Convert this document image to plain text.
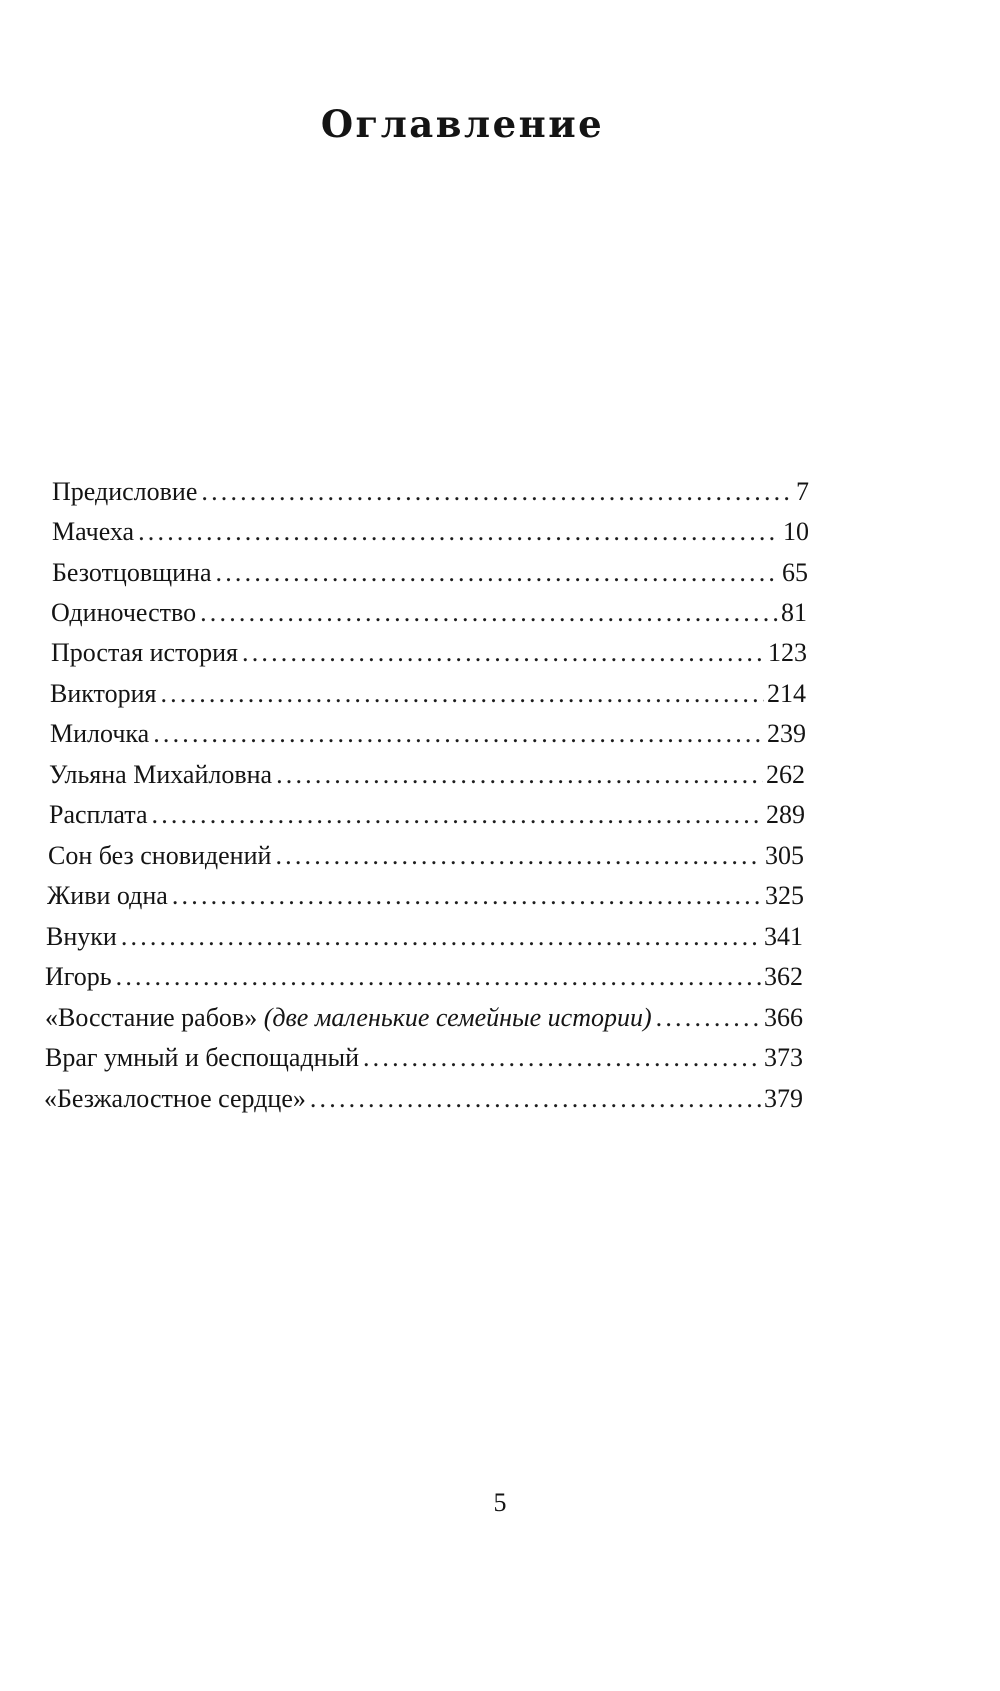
Оглавление
Предисловие .....	7
Мачеха .....	10
Безотцовщина .....	65
Одиночество .....	81
Простая история .....	123
Виктория .....	214
Милочка .....	239
Ульяна Михайловна .....	262
Расплата .....	289
Сон без сновидений .....	305
Живи одна .....	325
Внуки .....	341
Игорь .....	362
«Восстание рабов» (две маленькие семейные истории) .....	366
Враг умный и беспощадный .....	373
«Безжалостное сердце» .....	379

5
